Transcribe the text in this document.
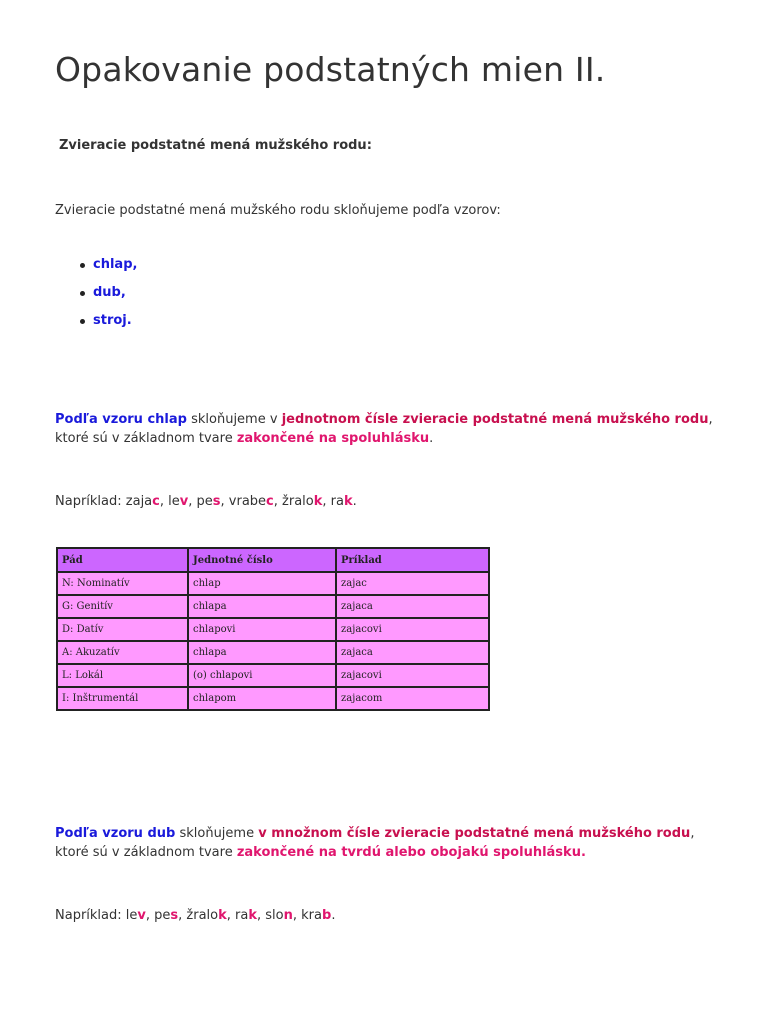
Opakovanie podstatných mien II.
Zvieracie podstatné mená mužského rodu:

Zvieracie podstatné mená mužského rodu skloňujeme podľa vzorov:

chlap,
dub,
stroj.

Podľa vzoru chlap skloňujeme v jednotnom čísle zvieracie podstatné mená mužského rodu, ktoré sú v základnom tvare zakončené na spoluhlásku.

Napríklad: zajac, lev, pes, vrabec, žralok, rak.

Pád	Jednotné číslo	Príklad
N: Nominatív	chlap	zajac
G: Genitív	chlapa	zajaca
D: Datív	chlapovi	zajacovi
A: Akuzatív	chlapa	zajaca
L: Lokál	(o) chlapovi	zajacovi
I: Inštrumentál	chlapom	zajacom

Podľa vzoru dub skloňujeme v množnom čísle zvieracie podstatné mená mužského rodu, ktoré sú v základnom tvare zakončené na tvrdú alebo obojakú spoluhlásku.

Napríklad: lev, pes, žralok, rak, slon, krab.
